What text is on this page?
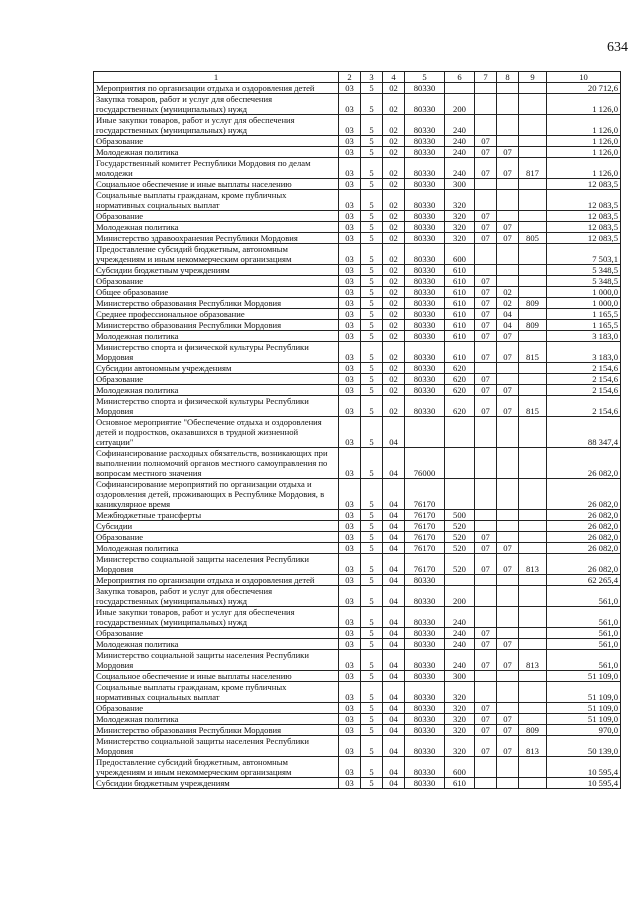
634
1	2	3	4	5	6	7	8	9	10
Мероприятия по организации отдыха и оздоровления детей	03	5	02	80330					20 712,6
Закупка товаров, работ и услуг для обеспечения государственных (муниципальных) нужд	03	5	02	80330	200				1 126,0
Иные закупки товаров, работ и услуг для обеспечения государственных (муниципальных) нужд	03	5	02	80330	240				1 126,0
Образование	03	5	02	80330	240	07			1 126,0
Молодежная политика	03	5	02	80330	240	07	07		1 126,0
Государственный комитет Республики Мордовия по делам молодежи	03	5	02	80330	240	07	07	817	1 126,0
Социальное обеспечение и иные выплаты населению	03	5	02	80330	300				12 083,5
Социальные выплаты гражданам, кроме публичных нормативных социальных выплат	03	5	02	80330	320				12 083,5
Образование	03	5	02	80330	320	07			12 083,5
Молодежная политика	03	5	02	80330	320	07	07		12 083,5
Министерство здравоохранения Республики Мордовия	03	5	02	80330	320	07	07	805	12 083,5
Предоставление субсидий бюджетным, автономным учреждениям и иным некоммерческим организациям	03	5	02	80330	600				7 503,1
Субсидии бюджетным учреждениям	03	5	02	80330	610				5 348,5
Образование	03	5	02	80330	610	07			5 348,5
Общее образование	03	5	02	80330	610	07	02		1 000,0
Министерство образования Республики Мордовия	03	5	02	80330	610	07	02	809	1 000,0
Среднее профессиональное образование	03	5	02	80330	610	07	04		1 165,5
Министерство образования Республики Мордовия	03	5	02	80330	610	07	04	809	1 165,5
Молодежная политика	03	5	02	80330	610	07	07		3 183,0
Министерство спорта и физической культуры Республики Мордовия	03	5	02	80330	610	07	07	815	3 183,0
Субсидии автономным учреждениям	03	5	02	80330	620				2 154,6
Образование	03	5	02	80330	620	07			2 154,6
Молодежная политика	03	5	02	80330	620	07	07		2 154,6
Министерство спорта и физической культуры Республики Мордовия	03	5	02	80330	620	07	07	815	2 154,6
Основное мероприятие "Обеспечение отдыха и оздоровления детей и подростков, оказавшихся в трудной жизненной ситуации"	03	5	04						88 347,4
Софинансирование расходных обязательств, возникающих при выполнении полномочий органов местного самоуправления по вопросам местного значения	03	5	04	76000					26 082,0
Софинансирование мероприятий по организации отдыха и оздоровления детей, проживающих в Республике Мордовия, в каникулярное время	03	5	04	76170					26 082,0
Межбюджетные трансферты	03	5	04	76170	500				26 082,0
Субсидии	03	5	04	76170	520				26 082,0
Образование	03	5	04	76170	520	07			26 082,0
Молодежная политика	03	5	04	76170	520	07	07		26 082,0
Министерство социальной защиты населения Республики Мордовия	03	5	04	76170	520	07	07	813	26 082,0
Мероприятия по организации отдыха и оздоровления детей	03	5	04	80330					62 265,4
Закупка товаров, работ и услуг для обеспечения государственных (муниципальных) нужд	03	5	04	80330	200				561,0
Иные закупки товаров, работ и услуг для обеспечения государственных (муниципальных) нужд	03	5	04	80330	240				561,0
Образование	03	5	04	80330	240	07			561,0
Молодежная политика	03	5	04	80330	240	07	07		561,0
Министерство социальной защиты населения Республики Мордовия	03	5	04	80330	240	07	07	813	561,0
Социальное обеспечение и иные выплаты населению	03	5	04	80330	300				51 109,0
Социальные выплаты гражданам, кроме публичных нормативных социальных выплат	03	5	04	80330	320				51 109,0
Образование	03	5	04	80330	320	07			51 109,0
Молодежная политика	03	5	04	80330	320	07	07		51 109,0
Министерство образования Республики Мордовия	03	5	04	80330	320	07	07	809	970,0
Министерство социальной защиты населения Республики Мордовия	03	5	04	80330	320	07	07	813	50 139,0
Предоставление субсидий бюджетным, автономным учреждениям и иным некоммерческим организациям	03	5	04	80330	600				10 595,4
Субсидии бюджетным учреждениям	03	5	04	80330	610				10 595,4
